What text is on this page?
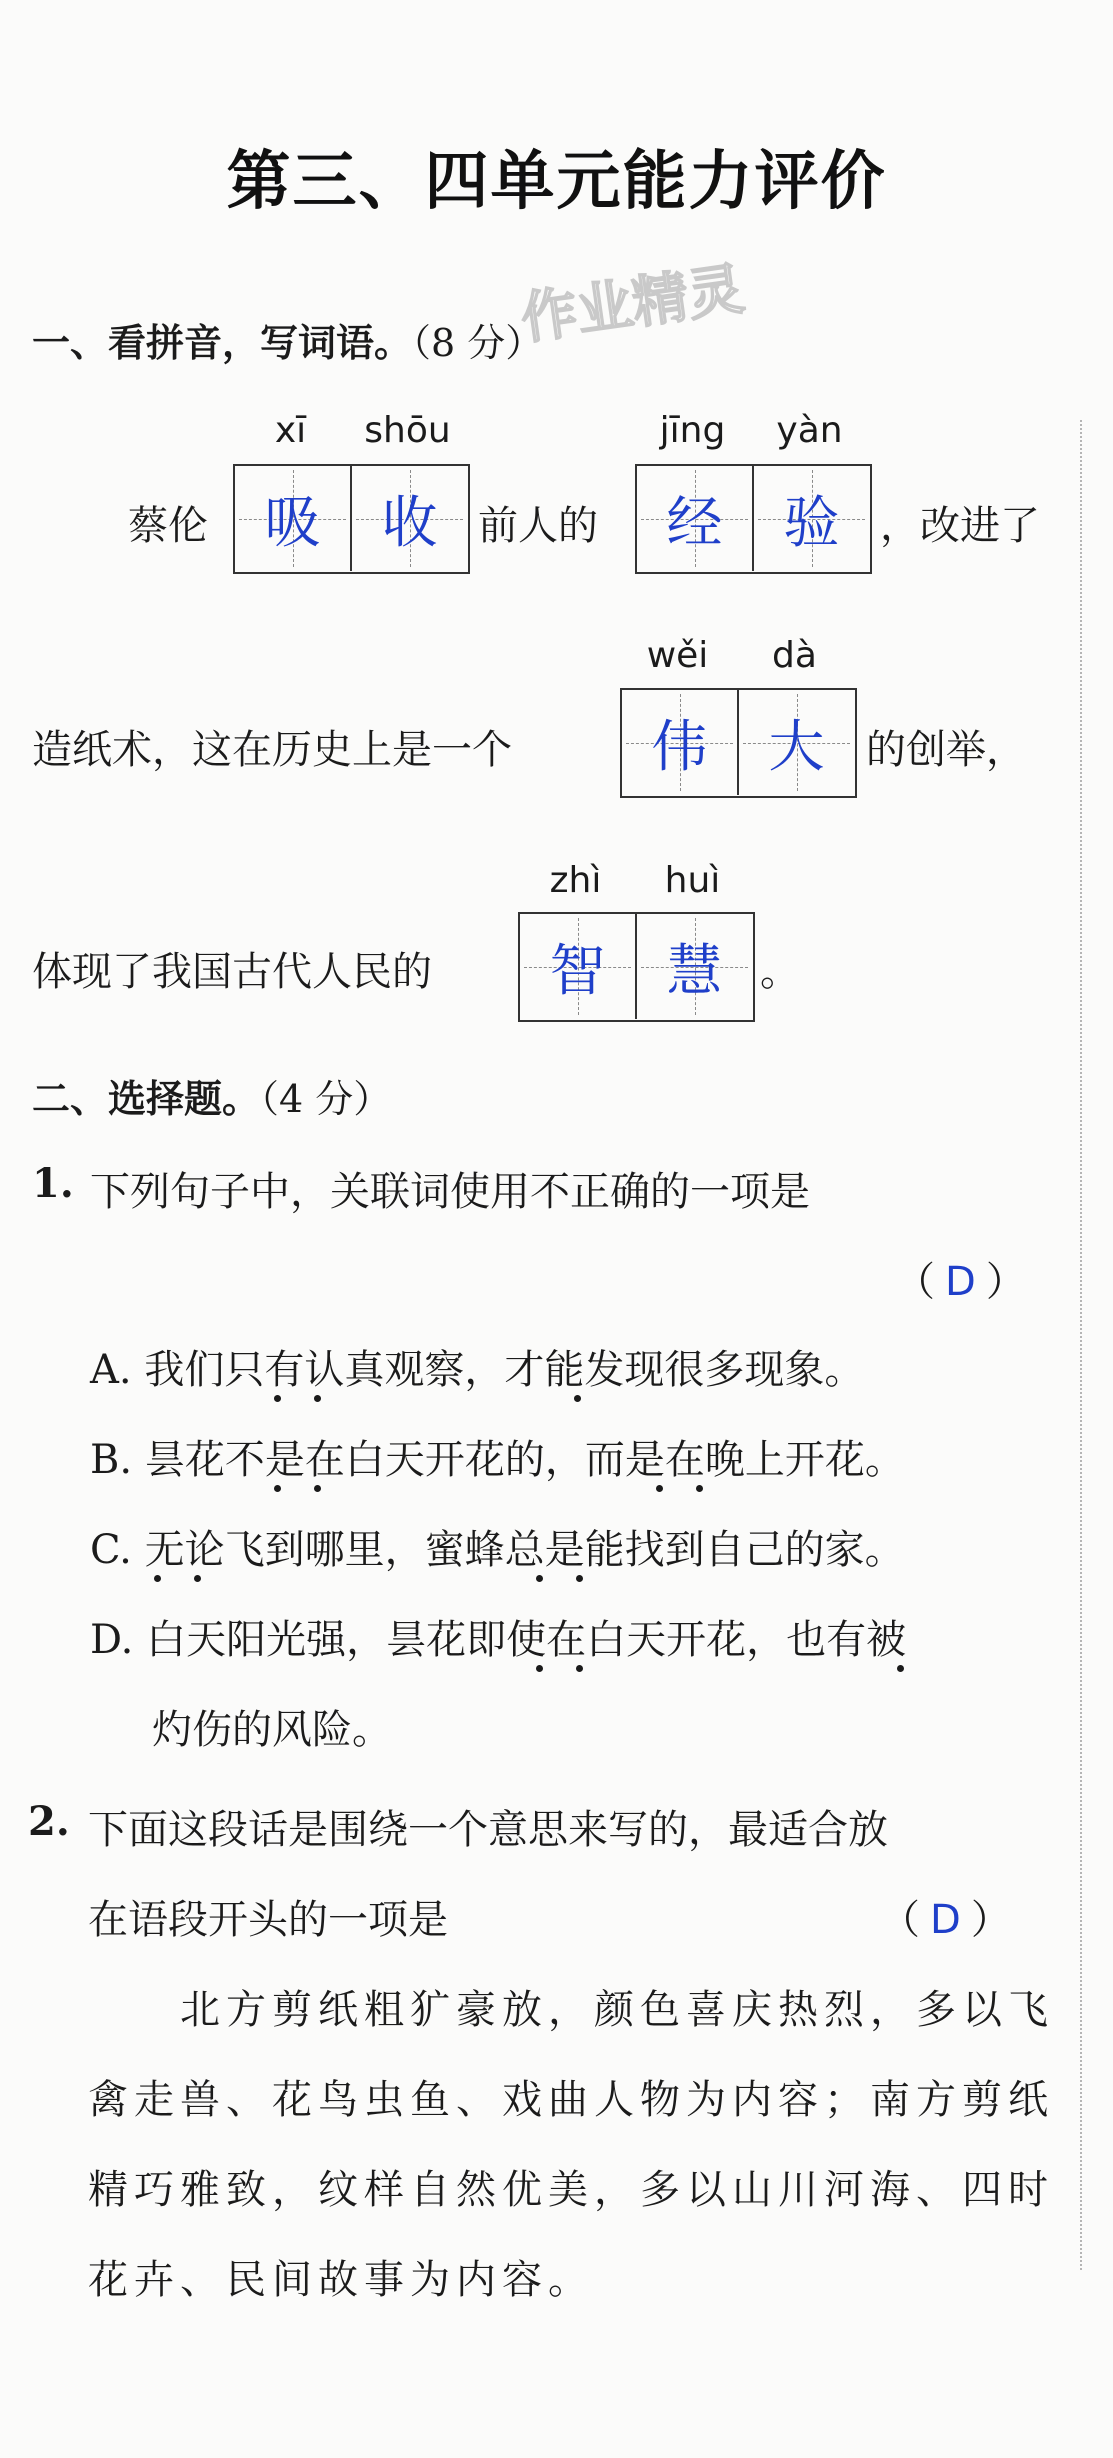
第三、四单元能力评价
作业精灵
一、看拼音，写词语。（8 分）
xī	shōu	jīng	yàn
蔡伦 吸 收 前人的 经 验 ，改进了
wěi	dà
造纸术，这在历史上是一个 伟 大 的创举，
zhì	huì
体现了我国古代人民的 智 慧 。
二、选择题。（4 分）
1. 下列句子中，关联词使用不正确的一项是
（ D ）
A. 我们只有认真观察，才能发现很多现象。
B. 昙花不是在白天开花的，而是在晚上开花。
C. 无论飞到哪里，蜜蜂总是能找到自己的家。
D. 白天阳光强，昙花即使在白天开花，也有被
灼伤的风险。
2. 下面这段话是围绕一个意思来写的，最适合放
在语段开头的一项是	（ D ）
北方剪纸粗犷豪放，颜色喜庆热烈，多以飞
禽走兽、花鸟虫鱼、戏曲人物为内容；南方剪纸
精巧雅致，纹样自然优美，多以山川河海、四时
花卉、民间故事为内容。
